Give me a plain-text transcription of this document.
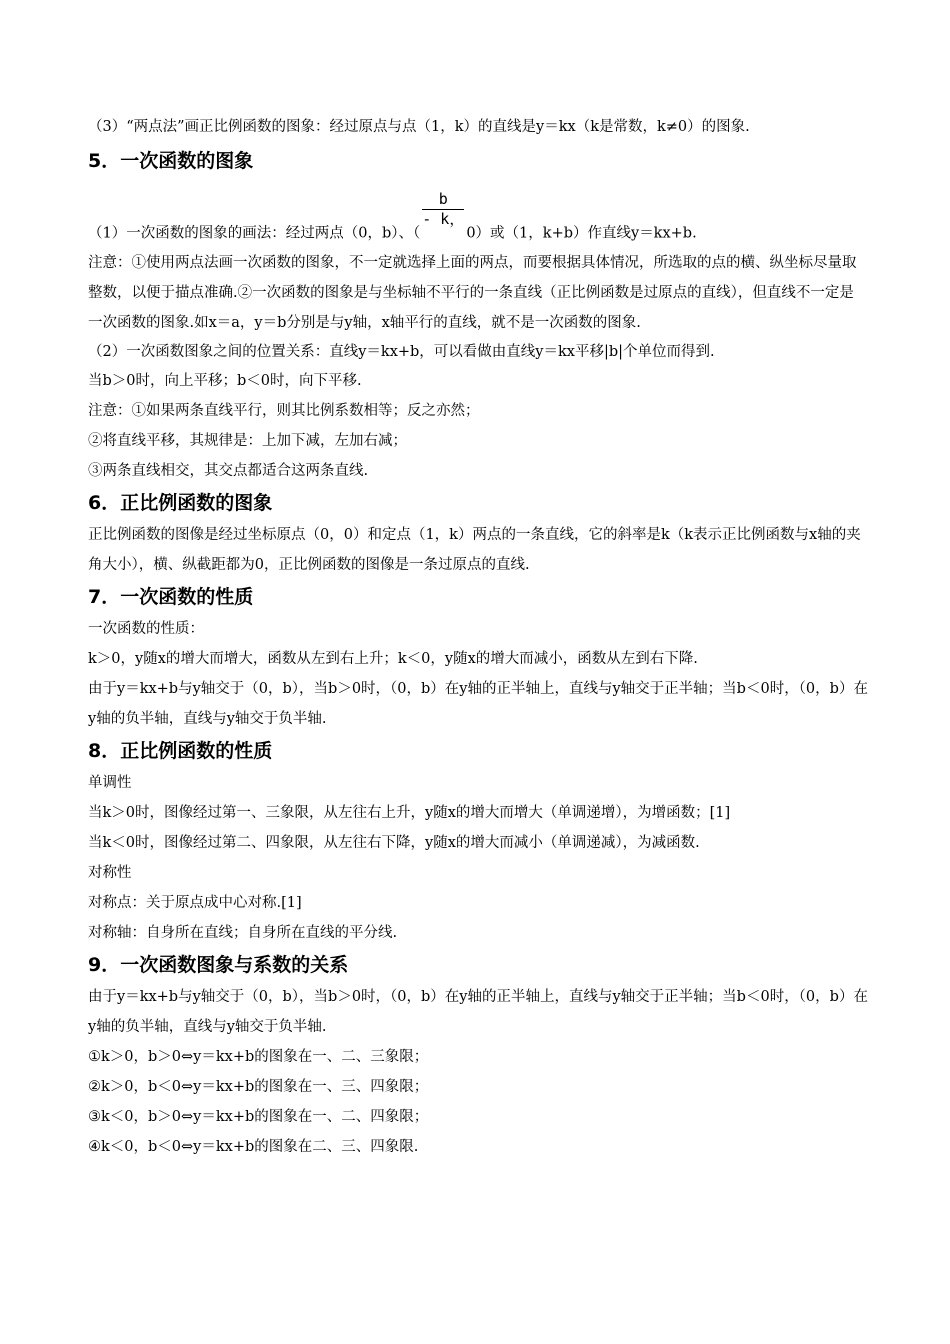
（3）“两点法”画正比例函数的图象：经过原点与点（1，k）的直线是y＝kx（k是常数，k≠0）的图象.

5．一次函数的图象

（1）一次函数的图象的画法：经过两点（0，b）、（
$\frac{b}{- k,}$
0）或（1，k+b）作直线y＝kx+b.

注意：①使用两点法画一次函数的图象，不一定就选择上面的两点，而要根据具体情况，所选取的点的横、纵坐标尽量取整数，以便于描点准确.②一次函数的图象是与坐标轴不平行的一条直线（正比例函数是过原点的直线），但直线不一定是一次函数的图象.如x＝a，y＝b分别是与y轴，x轴平行的直线，就不是一次函数的图象.

（2）一次函数图象之间的位置关系：直线y＝kx+b，可以看做由直线y＝kx平移|b|个单位而得到.

当b＞0时，向上平移；b＜0时，向下平移.

注意：①如果两条直线平行，则其比例系数相等；反之亦然；

②将直线平移，其规律是：上加下减，左加右减；

③两条直线相交，其交点都适合这两条直线.

6．正比例函数的图象

正比例函数的图像是经过坐标原点（0，0）和定点（1，k）两点的一条直线，它的斜率是k（k表示正比例函数与x轴的夹角大小），横、纵截距都为0，正比例函数的图像是一条过原点的直线.

7．一次函数的性质

一次函数的性质：

k＞0，y随x的增大而增大，函数从左到右上升；k＜0，y随x的增大而减小，函数从左到右下降.

由于y＝kx+b与y轴交于（0，b），当b＞0时，（0，b）在y轴的正半轴上，直线与y轴交于正半轴；当b＜0时，（0，b）在y轴的负半轴，直线与y轴交于负半轴.

8．正比例函数的性质

单调性

当k＞0时，图像经过第一、三象限，从左往右上升，y随x的增大而增大（单调递增），为增函数；[1]

当k＜0时，图像经过第二、四象限，从左往右下降，y随x的增大而减小（单调递减），为减函数.

对称性

对称点：关于原点成中心对称.[1]

对称轴：自身所在直线；自身所在直线的平分线.

9．一次函数图象与系数的关系

由于y＝kx+b与y轴交于（0，b），当b＞0时，（0，b）在y轴的正半轴上，直线与y轴交于正半轴；当b＜0时，（0，b）在y轴的负半轴，直线与y轴交于负半轴.

①k＞0，b＞0⇔y＝kx+b的图象在一、二、三象限；

②k＞0，b＜0⇔y＝kx+b的图象在一、三、四象限；

③k＜0，b＞0⇔y＝kx+b的图象在一、二、四象限；

④k＜0，b＜0⇔y＝kx+b的图象在二、三、四象限.
